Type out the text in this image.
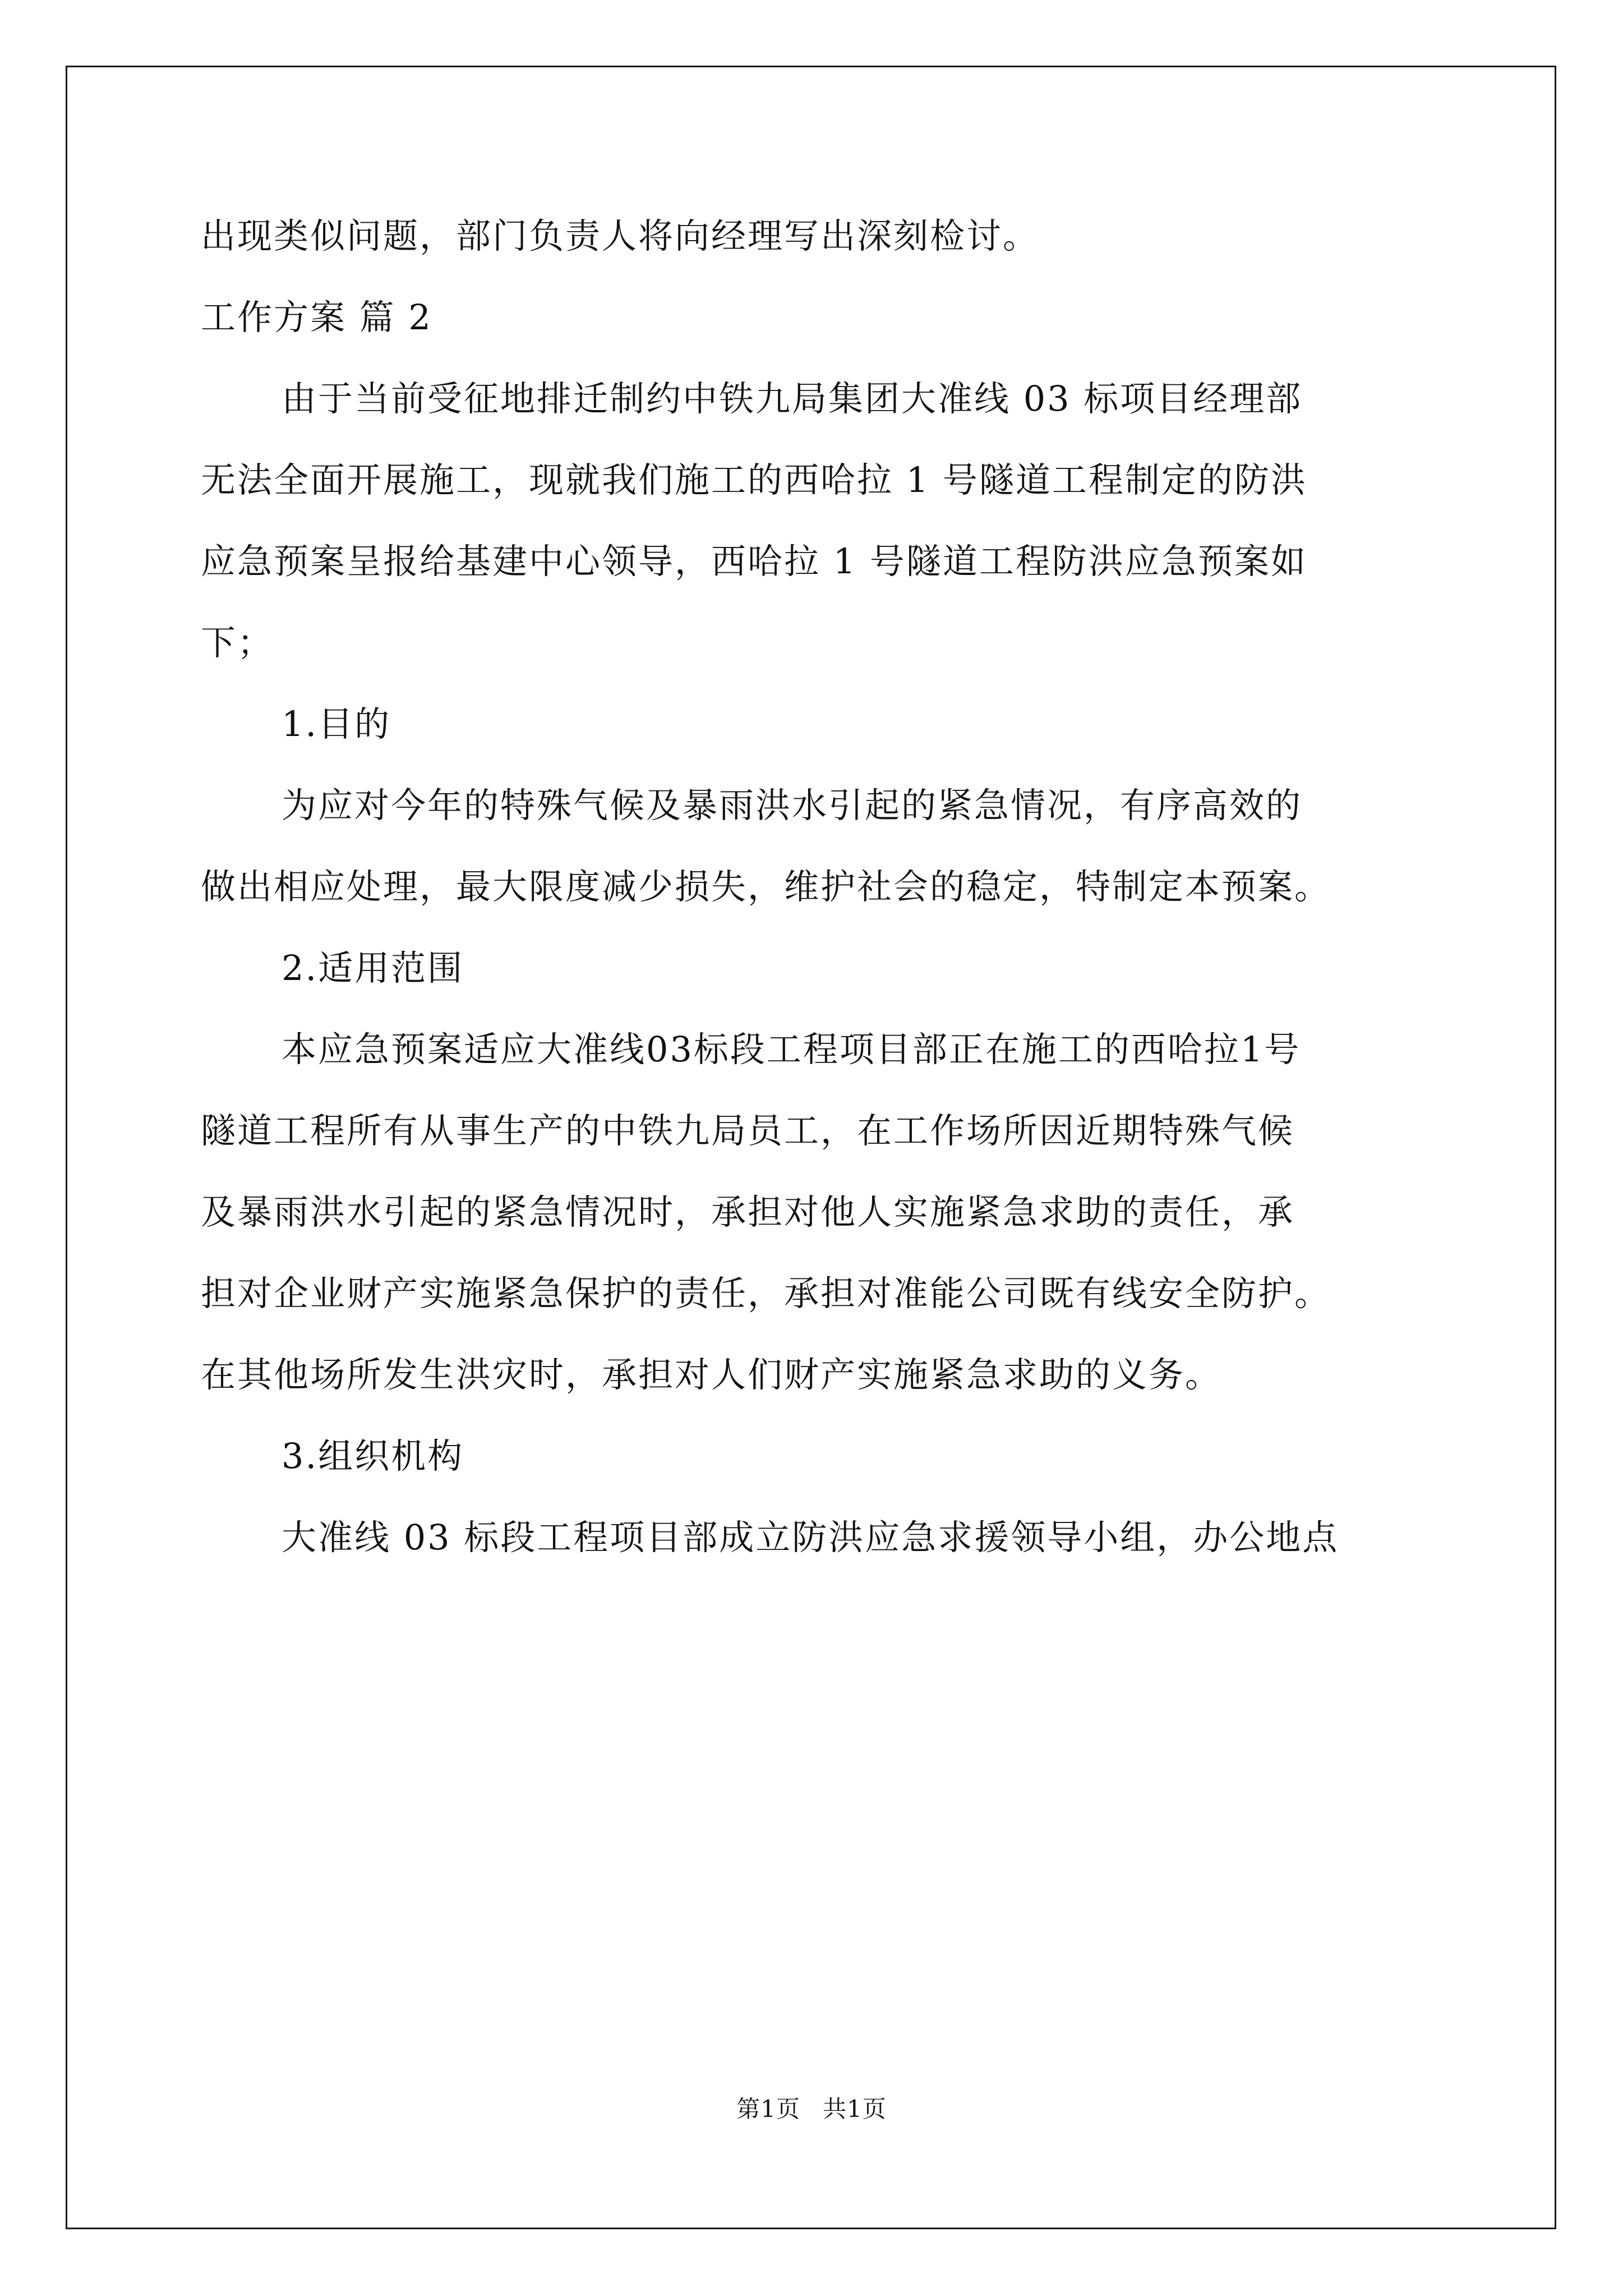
出现类似问题，部门负责人将向经理写出深刻检讨。
工作方案 篇 2
由于当前受征地排迁制约中铁九局集团大准线 03 标项目经理部
无法全面开展施工，现就我们施工的西哈拉 1 号隧道工程制定的防洪
应急预案呈报给基建中心领导，西哈拉 1 号隧道工程防洪应急预案如
下；
1.目的
为应对今年的特殊气候及暴雨洪水引起的紧急情况，有序高效的
做出相应处理，最大限度减少损失，维护社会的稳定，特制定本预案。
2.适用范围
本应急预案适应大准线03标段工程项目部正在施工的西哈拉1号
隧道工程所有从事生产的中铁九局员工，在工作场所因近期特殊气候
及暴雨洪水引起的紧急情况时，承担对他人实施紧急求助的责任，承
担对企业财产实施紧急保护的责任，承担对准能公司既有线安全防护。
在其他场所发生洪灾时，承担对人们财产实施紧急求助的义务。
3.组织机构
大准线 03 标段工程项目部成立防洪应急求援领导小组，办公地点
第1页 共1页
